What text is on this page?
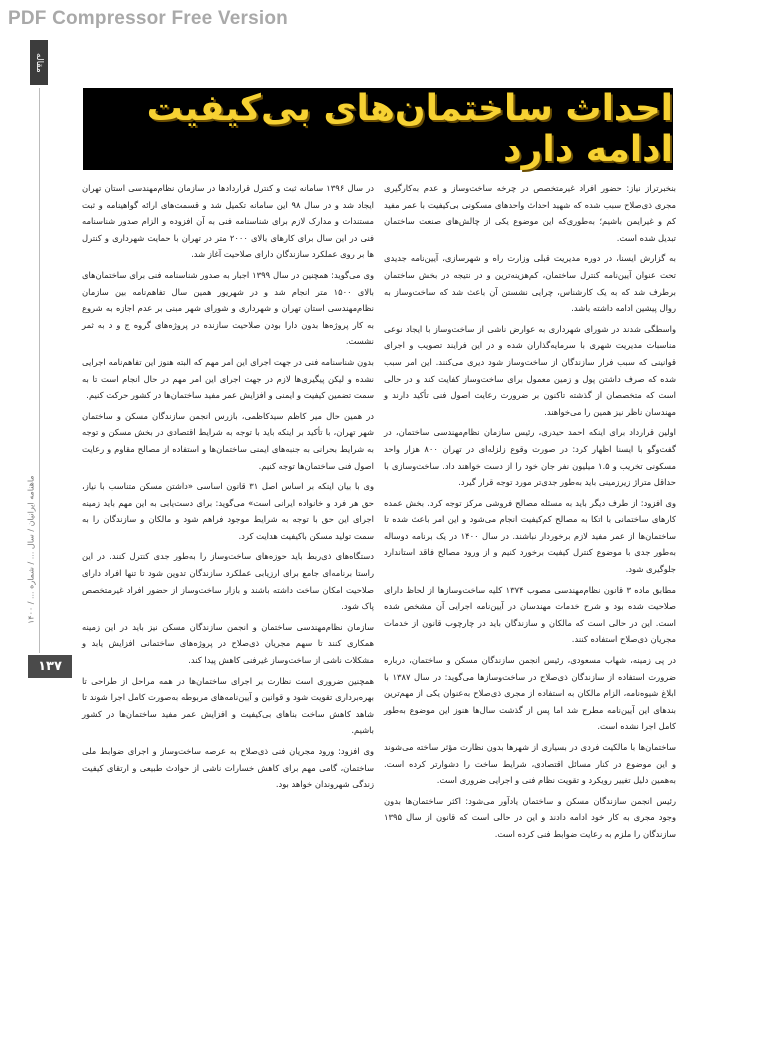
PDF Compressor Free Version
مقاله
ماهنامه ایرانیان / سال ... / شماره ... / ۱۴۰۰
۱۳۷
احداث ساختمان‌های بی‌کیفیت ادامه دارد

بنخبرتراز نیاز: حضور افراد غیرمتخصص در چرخه ساخت‌وساز و عدم به‌کارگیری مجری ذی‌صلاح سبب شده که شهید احداث واحدهای مسکونی بی‌کیفیت با عمر مفید کم و غیرایمن باشیم؛ به‌طوری‌که این موضوع یکی از چالش‌های صنعت ساختمان تبدیل شده است.

به گزارش ایسنا، در دوره مدیریت قبلی وزارت راه و شهرسازی، آیین‌نامه جدیدی تحت عنوان آیین‌نامه کنترل ساختمان، کم‌هزینه‌ترین و در نتیجه در بخش ساختمان برطرف شد که به یک کارشناس، چرایی نشستن آن باعث شد که ساخت‌وساز به روال پیشین ادامه داشته باشد.

واسطگی شدند در شورای شهرداری به عوارض ناشی از ساخت‌وساز با ایجاد نوعی مناسبات مدیریت شهری با سرمایه‌گذاران شده و در این فرایند تصویب و اجرای قوانینی که سبب فرار سازندگان از ساخت‌وساز شود دیری می‌کنند. این امر سبب شده که صرف داشتن پول و زمین معمول برای ساخت‌وساز کفایت کند و در حالی است که متخصصان از گذشته تاکنون بر ضرورت رعایت اصول فنی تأکید دارند و مهندسان ناظر نیز همین را می‌خواهند.

اولین قرارداد برای اینکه احمد حیدری، رئیس سازمان نظام‌مهندسی ساختمان، در گفت‌وگو با ایسنا اظهار کرد: در صورت وقوع زلزله‌ای در تهران ۸۰۰ هزار واحد مسکونی تخریب و ۱.۵ میلیون نفر جان خود را از دست خواهند داد. ساخت‌وسازی با حداقل متراژ زیرزمینی باید به‌طور جدی‌تر مورد توجه قرار گیرد.

وی افزود: از طرف دیگر باید به مسئله مصالح فروشی مرکز توجه کرد. بخش عمده کارهای ساختمانی با اتکا به مصالح کم‌کیفیت انجام می‌شود و این امر باعث شده تا ساختمان‌ها از عمر مفید لازم برخوردار نباشند. در سال ۱۴۰۰ در یک برنامه دوساله به‌طور جدی با موضوع کنترل کیفیت برخورد کنیم و از ورود مصالح فاقد استاندارد جلوگیری شود.

مطابق ماده ۳ قانون نظام‌مهندسی مصوب ۱۳۷۴ کلیه ساخت‌وسازها از لحاظ دارای صلاحیت شده بود و شرح خدمات مهندسان در آیین‌نامه اجرایی آن مشخص شده است. این در حالی است که مالکان و سازندگان باید در چارچوب قانون از خدمات مجریان ذی‌صلاح استفاده کنند.

در پی زمینه، شهاب مسعودی، رئیس انجمن سازندگان مسکن و ساختمان، درباره ضرورت استفاده از سازندگان ذی‌صلاح در ساخت‌وسازها می‌گوید: در سال ۱۳۸۷ با ابلاغ شیوه‌نامه، الزام مالکان به استفاده از مجری ذی‌صلاح به‌عنوان یکی از مهم‌ترین بندهای این آیین‌نامه مطرح شد اما پس از گذشت سال‌ها هنوز این موضوع به‌طور کامل اجرا نشده است.

ساختمان‌ها با مالکیت فردی در بسیاری از شهرها بدون نظارت مؤثر ساخته می‌شوند و این موضوع در کنار مسائل اقتصادی، شرایط ساخت را دشوارتر کرده است. به‌همین دلیل تغییر رویکرد و تقویت نظام فنی و اجرایی ضروری است.

رئیس انجمن سازندگان مسکن و ساختمان یادآور می‌شود: اکثر ساختمان‌ها بدون وجود مجری به کار خود ادامه دادند و این در حالی است که قانون از سال ۱۳۹۵ سازندگان را ملزم به رعایت ضوابط فنی کرده است.

در سال ۱۳۹۶ سامانه ثبت و کنترل قراردادها در سازمان نظام‌مهندسی استان تهران ایجاد شد و در سال ۹۸ این سامانه تکمیل شد و قسمت‌های ارائه گواهینامه و ثبت مستندات و مدارک لازم برای شناسنامه فنی به آن افزوده و الزام صدور شناسنامه فنی در این سال برای کارهای بالای ۲۰۰۰ متر در تهران با حمایت شهرداری و کنترل ها بر روی عملکرد سازندگان دارای صلاحیت آغاز شد.

وی می‌گوید: همچنین در سال ۱۳۹۹ اجبار به صدور شناسنامه فنی برای ساختمان‌های بالای ۱۵۰۰ متر انجام شد و در شهریور همین سال تفاهم‌نامه بین سازمان نظام‌مهندسی استان تهران و شهرداری و شورای شهر مبنی بر عدم اجازه به شروع به کار پروژه‌ها بدون دارا بودن صلاحیت سازنده در پروژه‌های گروه ج و د به ثمر نشست.

بدون شناسنامه فنی در جهت اجرای این امر مهم که البته هنوز این تفاهم‌نامه اجرایی نشده و لیکن پیگیری‌ها لازم در جهت اجرای این امر مهم در حال انجام است تا به سمت تضمین کیفیت و ایمنی و افزایش عمر مفید ساختمان‌ها در کشور حرکت کنیم.

در همین حال میر کاظم سیدکاظمی، بازرس انجمن سازندگان مسکن و ساختمان شهر تهران، با تأکید بر اینکه باید با توجه به شرایط اقتصادی در بخش مسکن و توجه به شرایط بحرانی به جنبه‌های ایمنی ساختمان‌ها و استفاده از مصالح مقاوم و رعایت اصول فنی ساختمان‌ها توجه کنیم.

وی با بیان اینکه بر اساس اصل ۳۱ قانون اساسی «داشتن مسکن متناسب با نیاز، حق هر فرد و خانواده ایرانی است» می‌گوید: برای دست‌یابی به این مهم باید زمینه اجرای این حق با توجه به شرایط موجود فراهم شود و مالکان و سازندگان را به سمت تولید مسکن باکیفیت هدایت کرد.

دستگاه‌های ذی‌ربط باید حوزه‌های ساخت‌وساز را به‌طور جدی کنترل کنند. در این راستا برنامه‌ای جامع برای ارزیابی عملکرد سازندگان تدوین شود تا تنها افراد دارای صلاحیت امکان ساخت داشته باشند و بازار ساخت‌وساز از حضور افراد غیرمتخصص پاک شود.

سازمان نظام‌مهندسی ساختمان و انجمن سازندگان مسکن نیز باید در این زمینه همکاری کنند تا سهم مجریان ذی‌صلاح در پروژه‌های ساختمانی افزایش یابد و مشکلات ناشی از ساخت‌وساز غیرفنی کاهش پیدا کند.

همچنین ضروری است نظارت بر اجرای ساختمان‌ها در همه مراحل از طراحی تا بهره‌برداری تقویت شود و قوانین و آیین‌نامه‌های مربوطه به‌صورت کامل اجرا شوند تا شاهد کاهش ساخت بناهای بی‌کیفیت و افزایش عمر مفید ساختمان‌ها در کشور باشیم.

وی افزود: ورود مجریان فنی ذی‌صلاح به عرصه ساخت‌وساز و اجرای ضوابط ملی ساختمان، گامی مهم برای کاهش خسارات ناشی از حوادث طبیعی و ارتقای کیفیت زندگی شهروندان خواهد بود.
